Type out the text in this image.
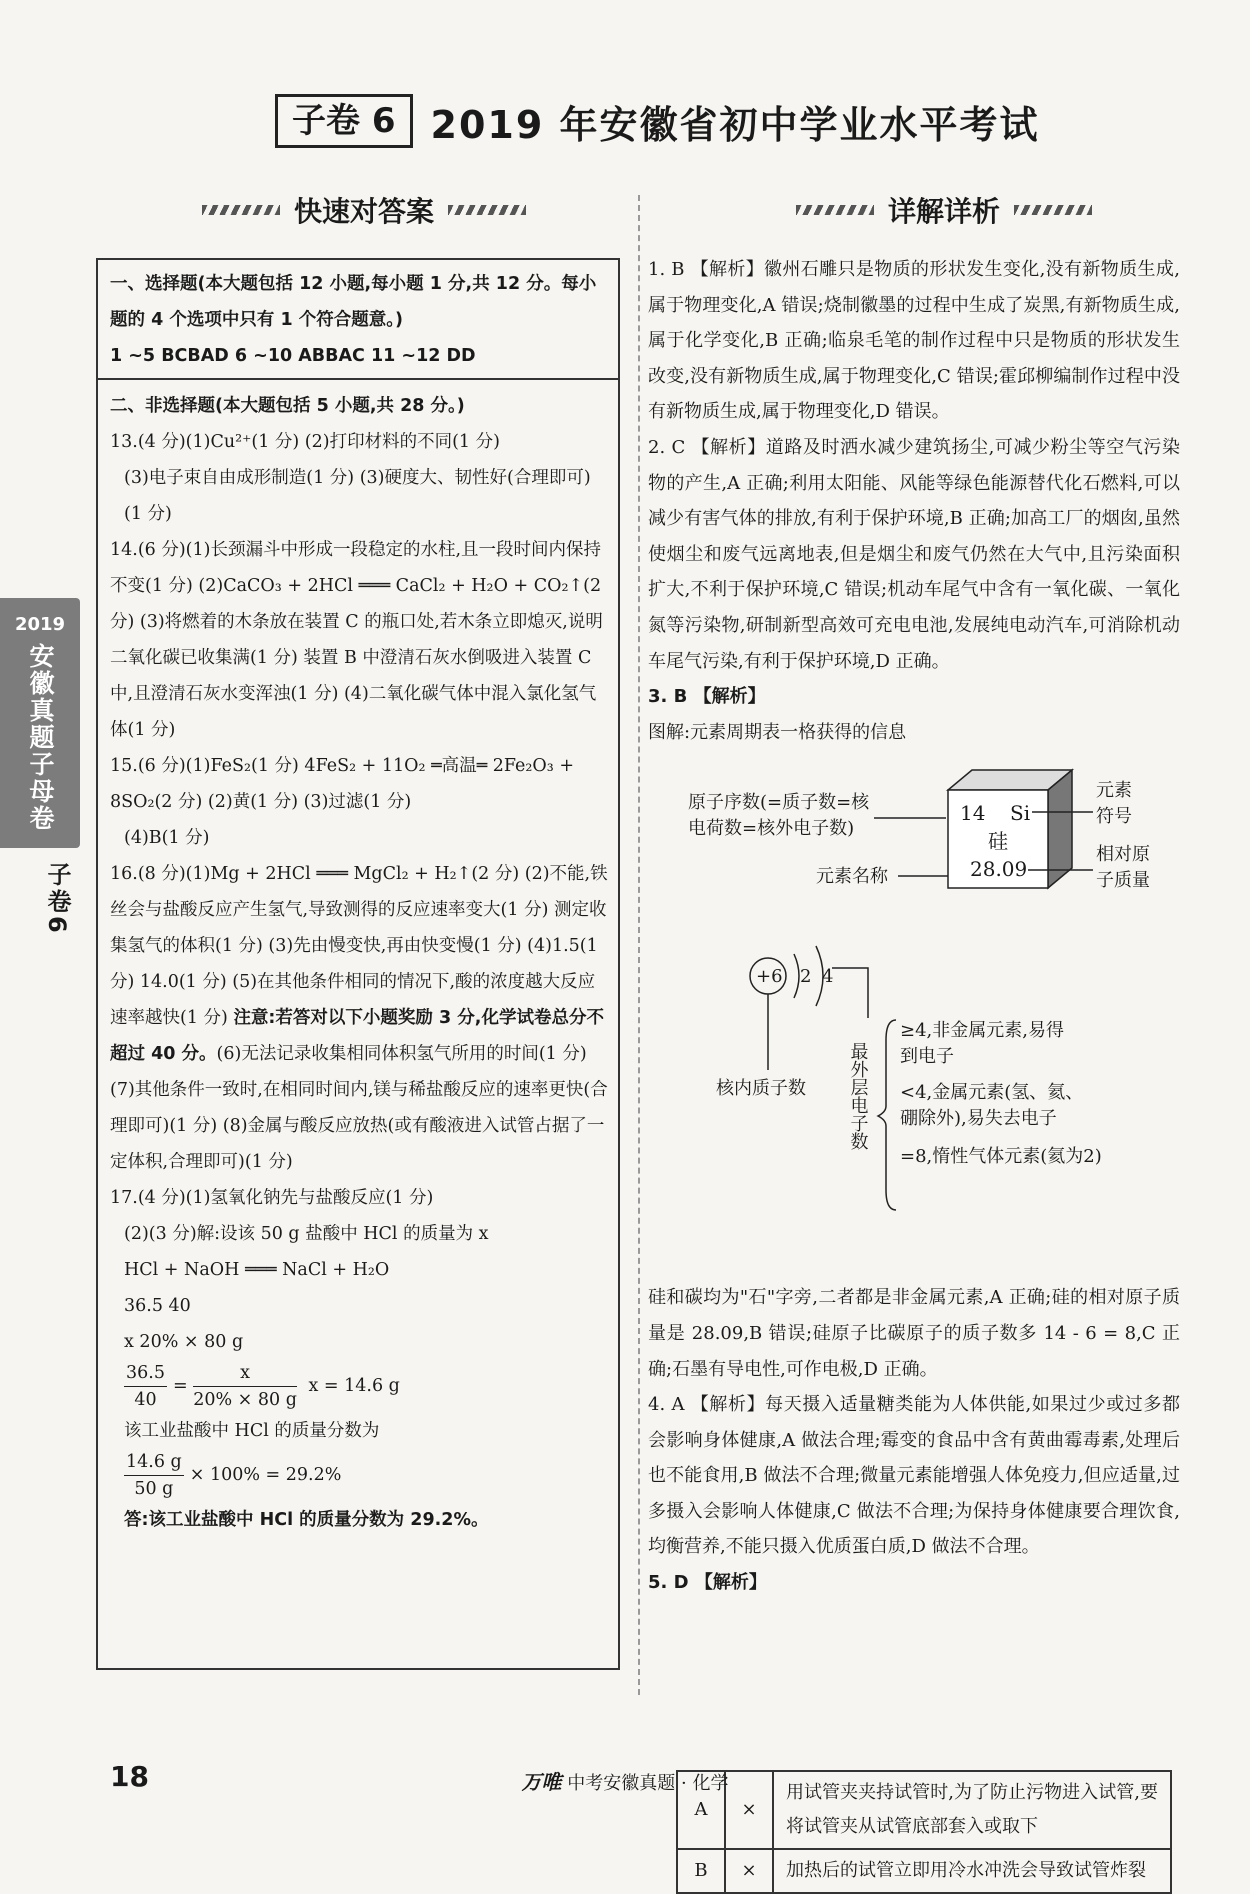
子卷 6 2019 年安徽省初中学业水平考试
快速对答案	详解详析
一、选择题(本大题包括 12 小题,每小题 1 分,共 12 分。每小题的 4 个选项中只有 1 个符合题意。)
1 ~5 BCBAD 6 ~10 ABBAC 11 ~12 DD
二、非选择题(本大题包括 5 小题,共 28 分。)
13.(4 分)(1)Cu²⁺(1 分) (2)打印材料的不同(1 分)
(3)电子束自由成形制造(1 分) (3)硬度大、韧性好(合理即可)(1 分)
14.(6 分)(1)长颈漏斗中形成一段稳定的水柱,且一段时间内保持不变(1 分) (2)CaCO₃ + 2HCl ═══ CaCl₂ + H₂O + CO₂↑(2 分) (3)将燃着的木条放在装置 C 的瓶口处,若木条立即熄灭,说明二氧化碳已收集满(1 分) 装置 B 中澄清石灰水倒吸进入装置 C 中,且澄清石灰水变浑浊(1 分) (4)二氧化碳气体中混入氯化氢气体(1 分)
15.(6 分)(1)FeS₂(1 分) 4FeS₂ + 11O₂ ═高温═ 2Fe₂O₃ + 8SO₂(2 分) (2)黄(1 分) (3)过滤(1 分)
(4)B(1 分)
16.(8 分)(1)Mg + 2HCl ═══ MgCl₂ + H₂↑(2 分) (2)不能,铁丝会与盐酸反应产生氢气,导致测得的反应速率变大(1 分) 测定收集氢气的体积(1 分) (3)先由慢变快,再由快变慢(1 分) (4)1.5(1 分) 14.0(1 分) (5)在其他条件相同的情况下,酸的浓度越大反应速率越快(1 分) 注意:若答对以下小题奖励 3 分,化学试卷总分不超过 40 分。(6)无法记录收集相同体积氢气所用的时间(1 分) (7)其他条件一致时,在相同时间内,镁与稀盐酸反应的速率更快(合理即可)(1 分) (8)金属与酸反应放热(或有酸液进入试管占据了一定体积,合理即可)(1 分)
17.(4 分)(1)氢氧化钠先与盐酸反应(1 分)
(2)(3 分)解:设该 50 g 盐酸中 HCl 的质量为 x
HCl + NaOH ═══ NaCl + H₂O
36.5 40
x 20% × 80 g
$\frac{36.5}{40} = \frac{x}{20\% \times 80 g}$ x = 14.6 g
该工业盐酸中 HCl 的质量分数为
$\frac{14.6 g}{50 g} \times 100\% = 29.2\%$
答:该工业盐酸中 HCl 的质量分数为 29.2%。
2019
安徽真题子母卷
子卷6

1. B 【解析】徽州石雕只是物质的形状发生变化,没有新物质生成,属于物理变化,A 错误;烧制徽墨的过程中生成了炭黑,有新物质生成,属于化学变化,B 正确;临泉毛笔的制作过程中只是物质的形状发生改变,没有新物质生成,属于物理变化,C 错误;霍邱柳编制作过程中没有新物质生成,属于物理变化,D 错误。

2. C 【解析】道路及时洒水减少建筑扬尘,可减少粉尘等空气污染物的产生,A 正确;利用太阳能、风能等绿色能源替代化石燃料,可以减少有害气体的排放,有利于保护环境,B 正确;加高工厂的烟囱,虽然使烟尘和废气远离地表,但是烟尘和废气仍然在大气中,且污染面积扩大,不利于保护环境,C 错误;机动车尾气中含有一氧化碳、一氧化氮等污染物,研制新型高效可充电电池,发展纯电动汽车,可消除机动车尾气污染,有利于保护环境,D 正确。

3. B 【解析】

图解:元素周期表一格获得的信息

原子序数(=质子数=核
电荷数=核外电子数)
14 Si
硅
28.09
元素
符号
相对原
子质量
元素名称
+6 2 4
核内质子数 最外层电子数
≥4,非金属元素,易得
到电子
<4,金属元素(氢、氦、
硼除外),易失去电子
=8,惰性气体元素(氦为2)

硅和碳均为"石"字旁,二者都是非金属元素,A 正确;硅的相对原子质量是 28.09,B 错误;硅原子比碳原子的质子数多 14 - 6 = 8,C 正确;石墨有导电性,可作电极,D 正确。

4. A 【解析】每天摄入适量糖类能为人体供能,如果过少或过多都会影响身体健康,A 做法合理;霉变的食品中含有黄曲霉毒素,处理后也不能食用,B 做法不合理;微量元素能增强人体免疫力,但应适量,过多摄入会影响人体健康,C 做法不合理;为保持身体健康要合理饮食,均衡营养,不能只摄入优质蛋白质,D 做法不合理。

5. D 【解析】

A	×	用试管夹夹持试管时,为了防止污物进入试管,要将试管夹从试管底部套入或取下
B	×	加热后的试管立即用冷水冲洗会导致试管炸裂
18	万唯 中考安徽真题 · 化学
